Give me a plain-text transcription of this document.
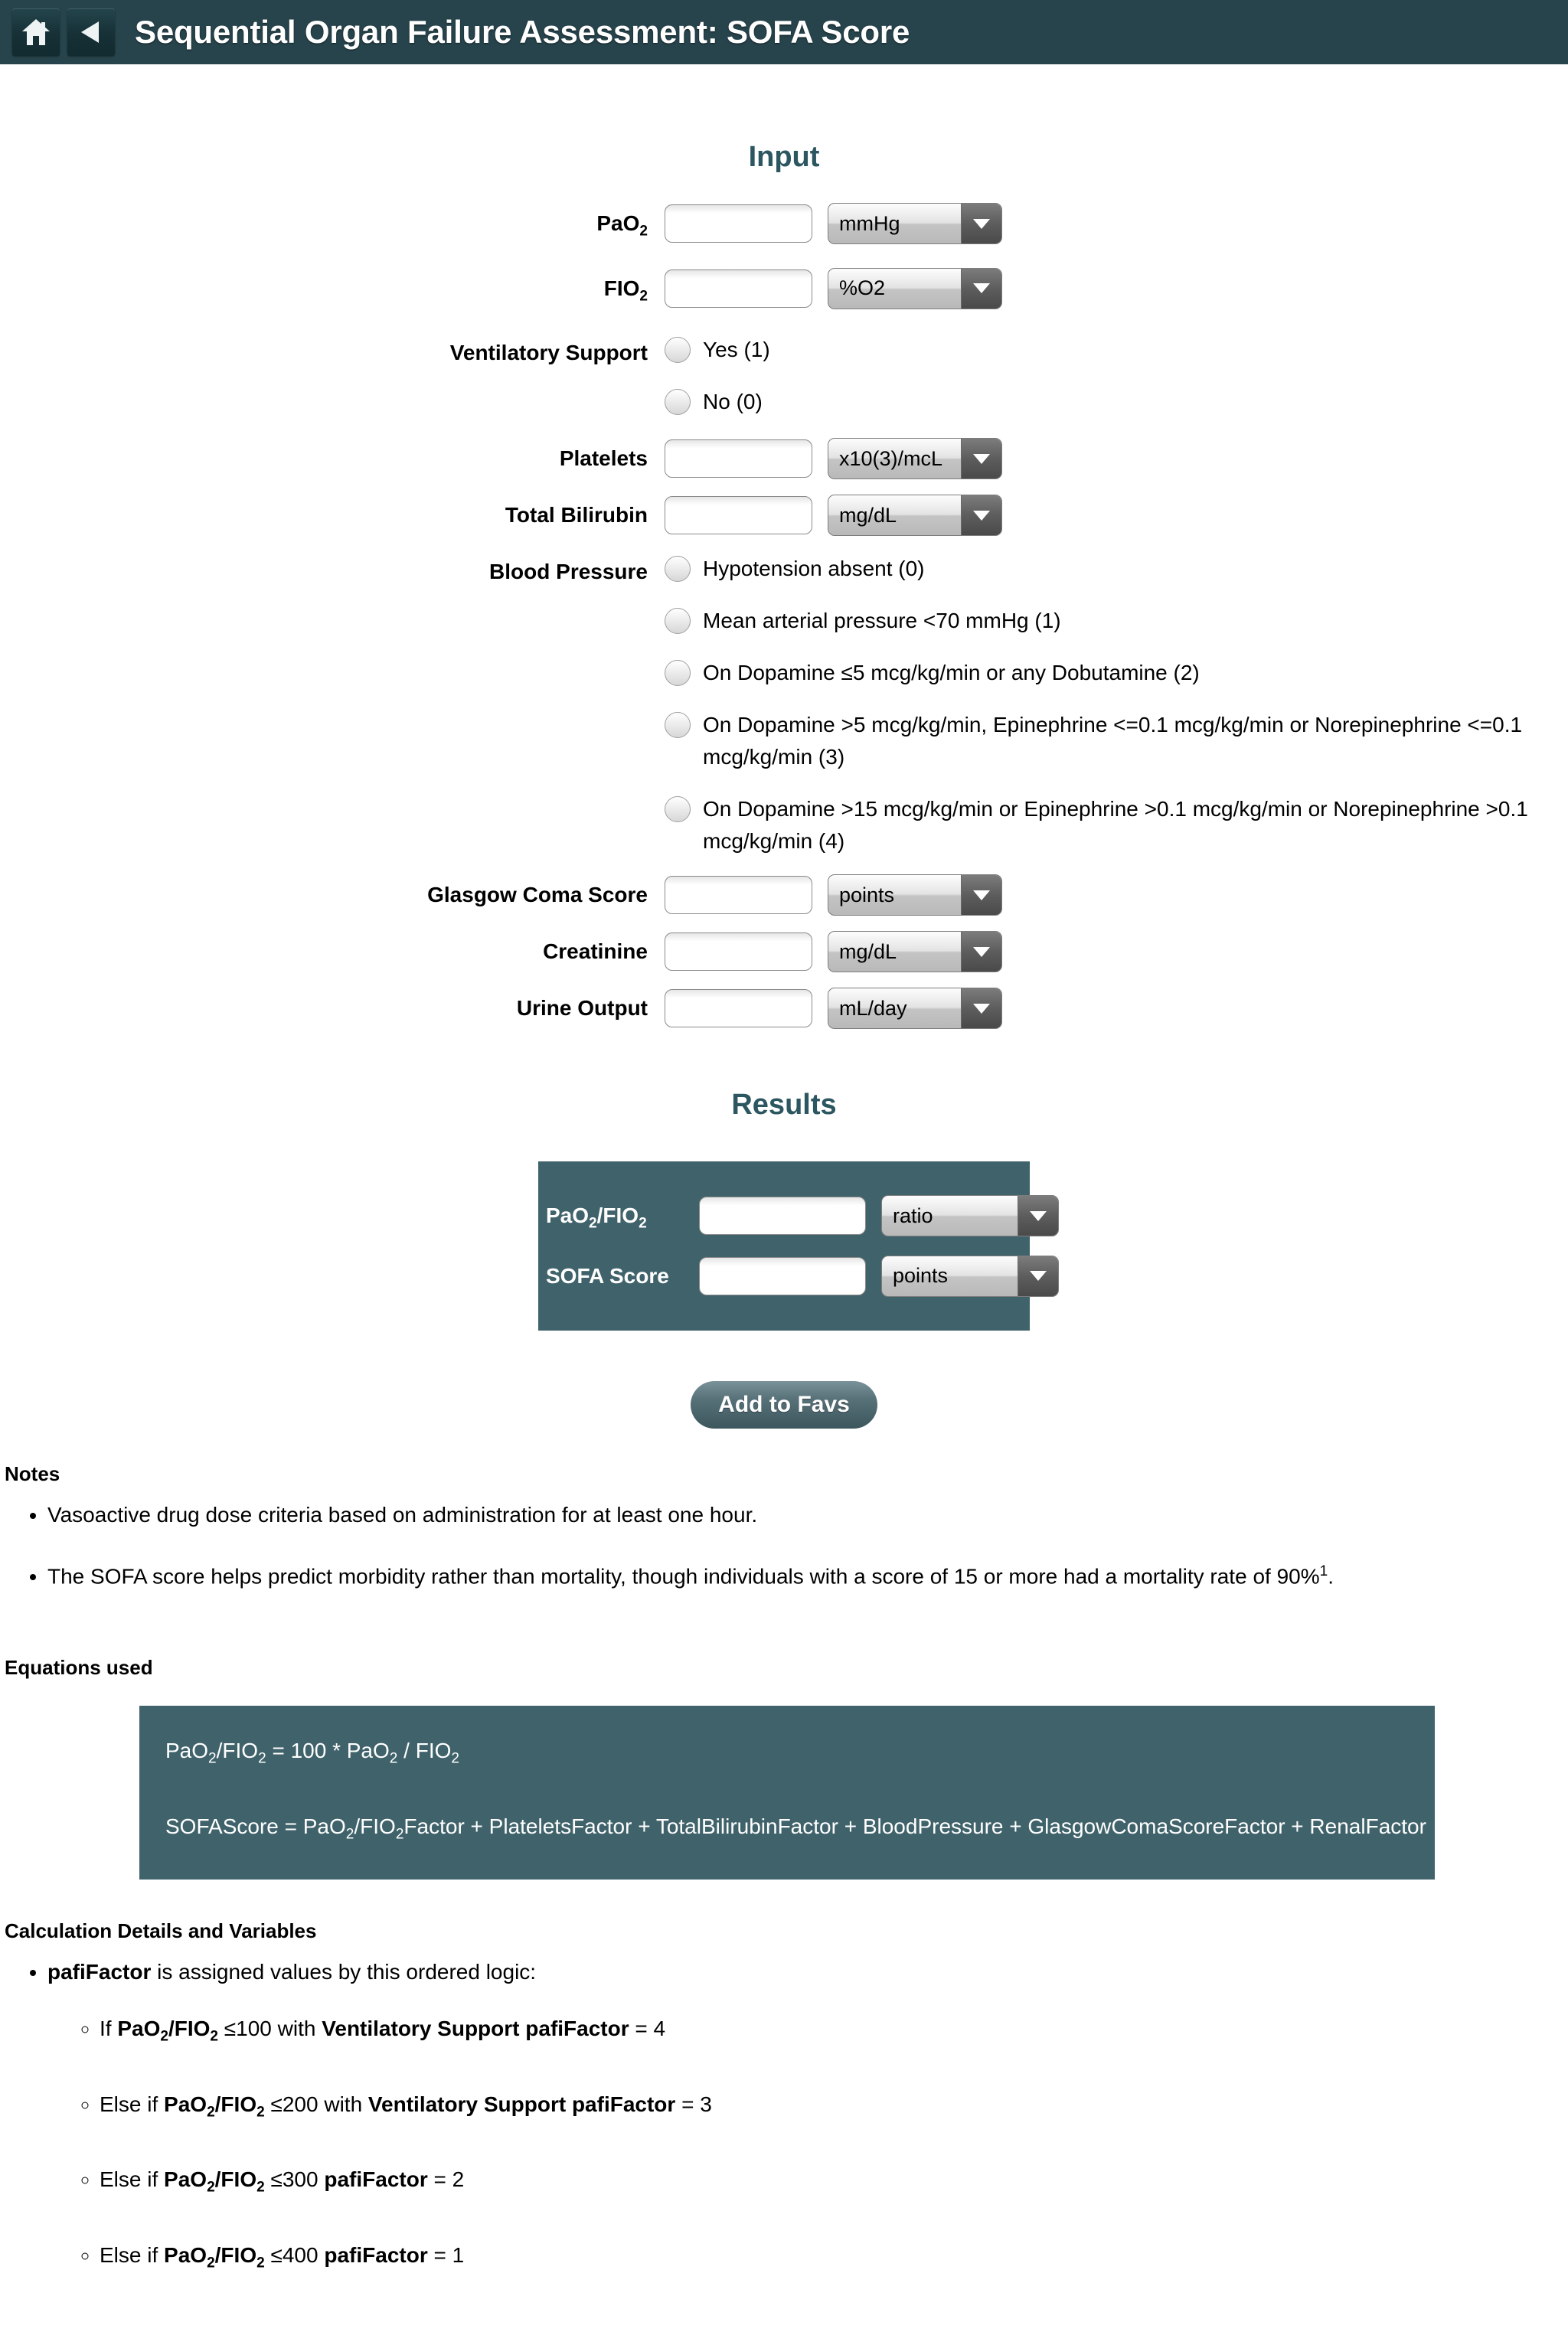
Sequential Organ Failure Assessment: SOFA Score
Input
PaO$_2$	mmHg
$FIO_2$	%O2
Ventilatory Support	Yes (1)
No (0)
Platelets	x10(3)/mcL
Total Bilirubin	mg/dL
Blood Pressure	Hypotension absent (0)
Mean arterial pressure <70 mmHg (1)
On Dopamine ≤5 mcg/kg/min or any Dobutamine (2)
On Dopamine >5 mcg/kg/min, Epinephrine <=0.1 mcg/kg/min or Norepinephrine <=0.1 mcg/kg/min (3)
On Dopamine >15 mcg/kg/min or Epinephrine >0.1 mcg/kg/min or Norepinephrine >0.1 mcg/kg/min (4)
Glasgow Coma Score	points
Creatinine	mg/dL
Urine Output	mL/day
Results
$PaO_2/FIO_2$	ratio
SOFA Score	points
Add to Favs
Notes
• Vasoactive drug dose criteria based on administration for at least one hour.
• The SOFA score helps predict morbidity rather than mortality, though individuals with a score of 15 or more had a mortality rate of 90%$^1$.
Equations used
$PaO_2/FIO_2 = 100 * PaO_2 / FIO_2$
SOFAScore = $PaO_2/FIO_2Factor$ + PlateletsFactor + TotalBilirubinFactor + BloodPressure + GlasgowComaScoreFactor + RenalFactor
Calculation Details and Variables
• pafiFactor is assigned values by this ordered logic:
◦ If $PaO_2/FIO_2 \le 100$ with Ventilatory Support pafiFactor = 4
◦ Else if $PaO_2/FIO_2 \le 200$ with Ventilatory Support pafiFactor = 3
◦ Else if $PaO_2/FIO_2 \le 300$ pafiFactor = 2
◦ Else if $PaO_2/FIO_2 \le 400$ pafiFactor = 1
